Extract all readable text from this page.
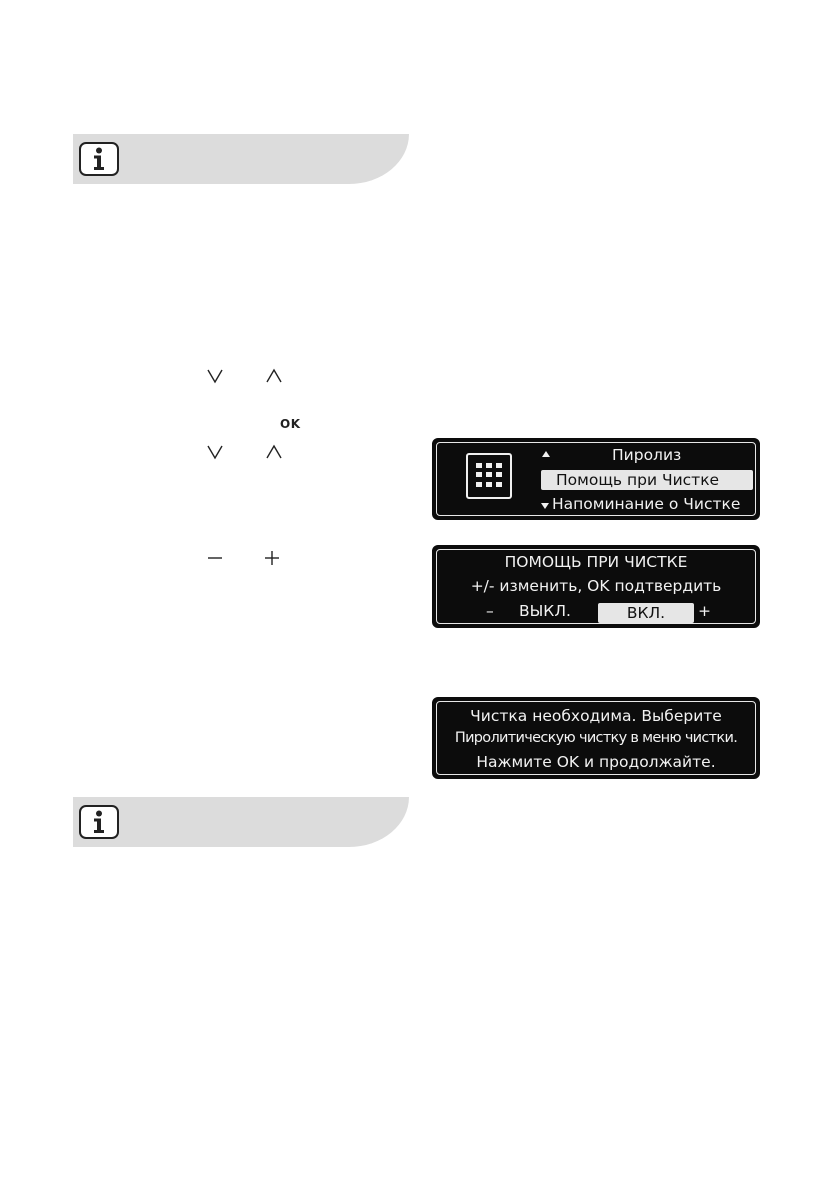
OK
Пиролиз
Помощь при Чистке
Напоминание о Чистке
ПОМОЩЬ ПРИ ЧИСТКЕ
+/- изменить, OK подтвердить
– ВЫКЛ.	ВКЛ.	+
Чистка необходима. Выберите
Пиролитическую чистку в меню чистки.
Нажмите OK и продолжайте.
